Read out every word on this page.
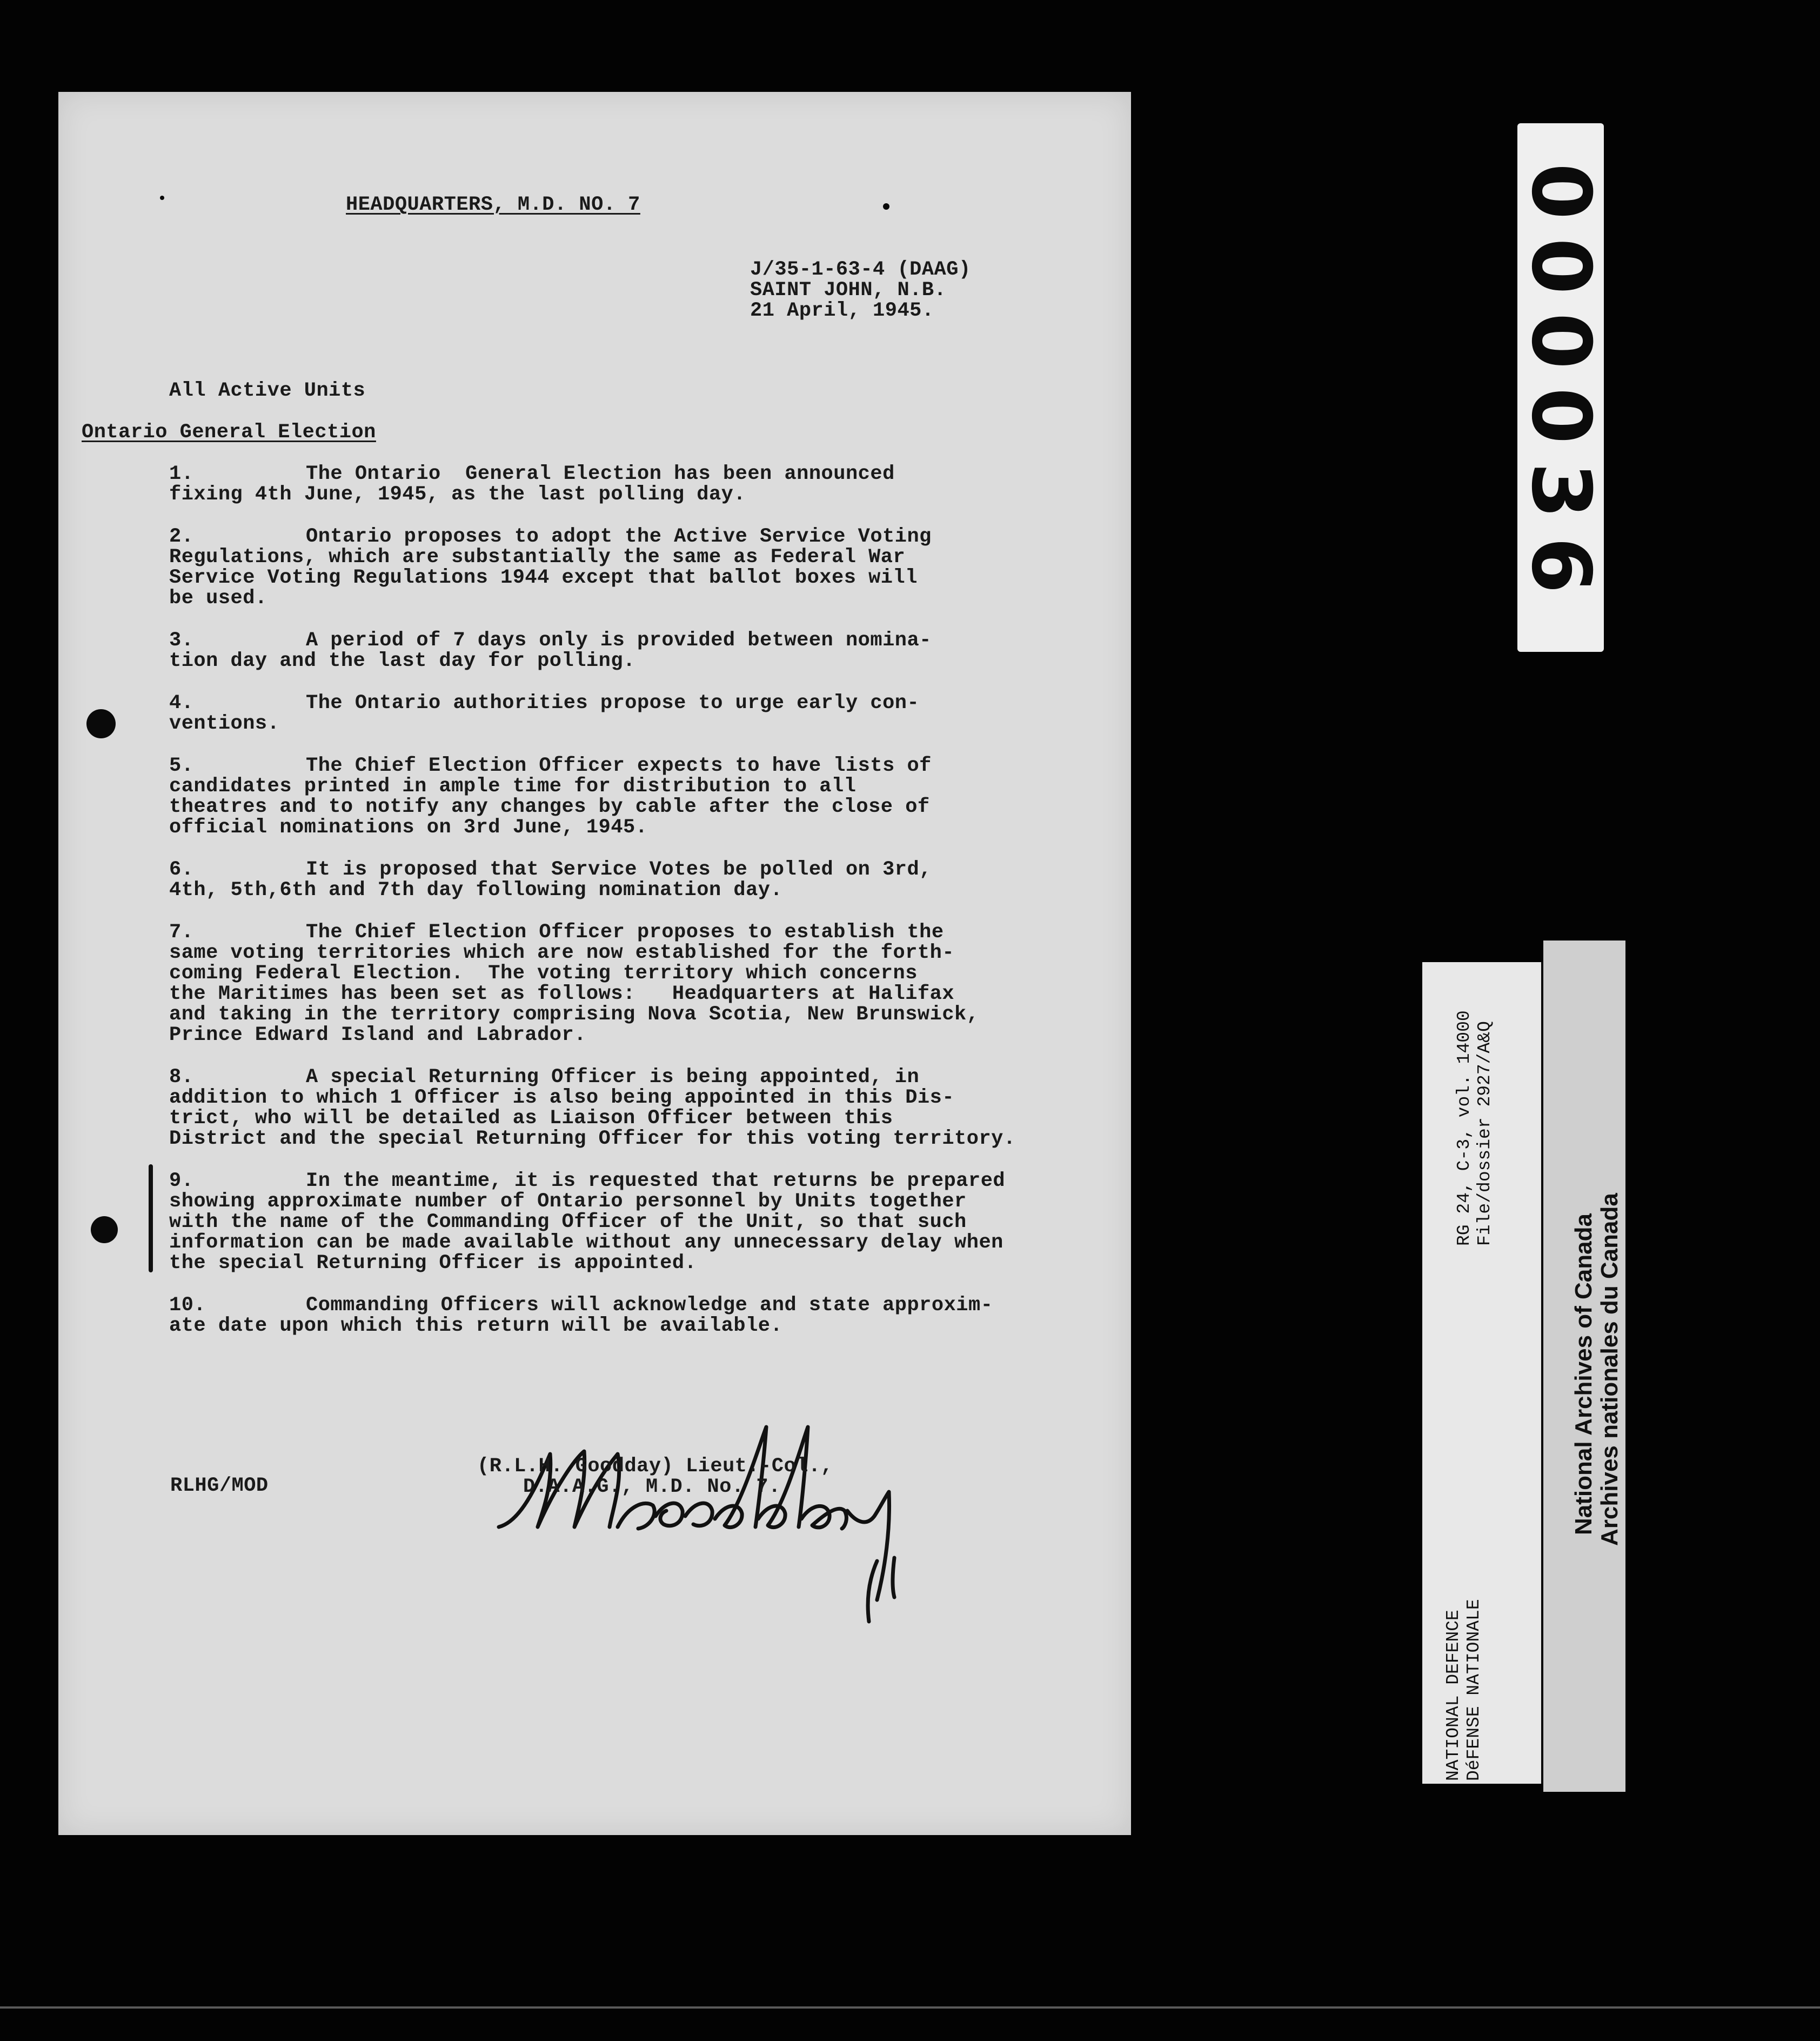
HEADQUARTERS, M.D. NO. 7
J/35-1-63-4 (DAAG)
SAINT JOHN, N.B.
21 April, 1945.
All Active Units
Ontario General Election
1.	The Ontario  General Election has been announced
fixing 4th June, 1945, as the last polling day.
2.	Ontario proposes to adopt the Active Service Voting
Regulations, which are substantially the same as Federal War
Service Voting Regulations 1944 except that ballot boxes will
be used.
3.	A period of 7 days only is provided between nomina-
tion day and the last day for polling.
4.	The Ontario authorities propose to urge early con-
ventions.
5.	The Chief Election Officer expects to have lists of
candidates printed in ample time for distribution to all
theatres and to notify any changes by cable after the close of
official nominations on 3rd June, 1945.
6.	It is proposed that Service Votes be polled on 3rd,
4th, 5th,6th and 7th day following nomination day.
7.	The Chief Election Officer proposes to establish the
same voting territories which are now established for the forth-
coming Federal Election.  The voting territory which concerns
the Maritimes has been set as follows:   Headquarters at Halifax
and taking in the territory comprising Nova Scotia, New Brunswick,
Prince Edward Island and Labrador.
8.	A special Returning Officer is being appointed, in
addition to which 1 Officer is also being appointed in this Dis-
trict, who will be detailed as Liaison Officer between this
District and the special Returning Officer for this voting territory.
9.	In the meantime, it is requested that returns be prepared
showing approximate number of Ontario personnel by Units together
with the name of the Commanding Officer of the Unit, so that such
information can be made available without any unnecessary delay when
the special Returning Officer is appointed.
10.	Commanding Officers will acknowledge and state approxim-
ate date upon which this return will be available.
(R.L.H. Goodday) Lieut.-Col.,
D.A.A.G., M.D. No. 7.
RLHG/MOD
000036
RG 24, C-3, vol. 14000 File/dossier 2927/A&Q
NATIONAL DEFENCE DéFENSE NATIONALE
National Archives of Canada Archives nationales du Canada
